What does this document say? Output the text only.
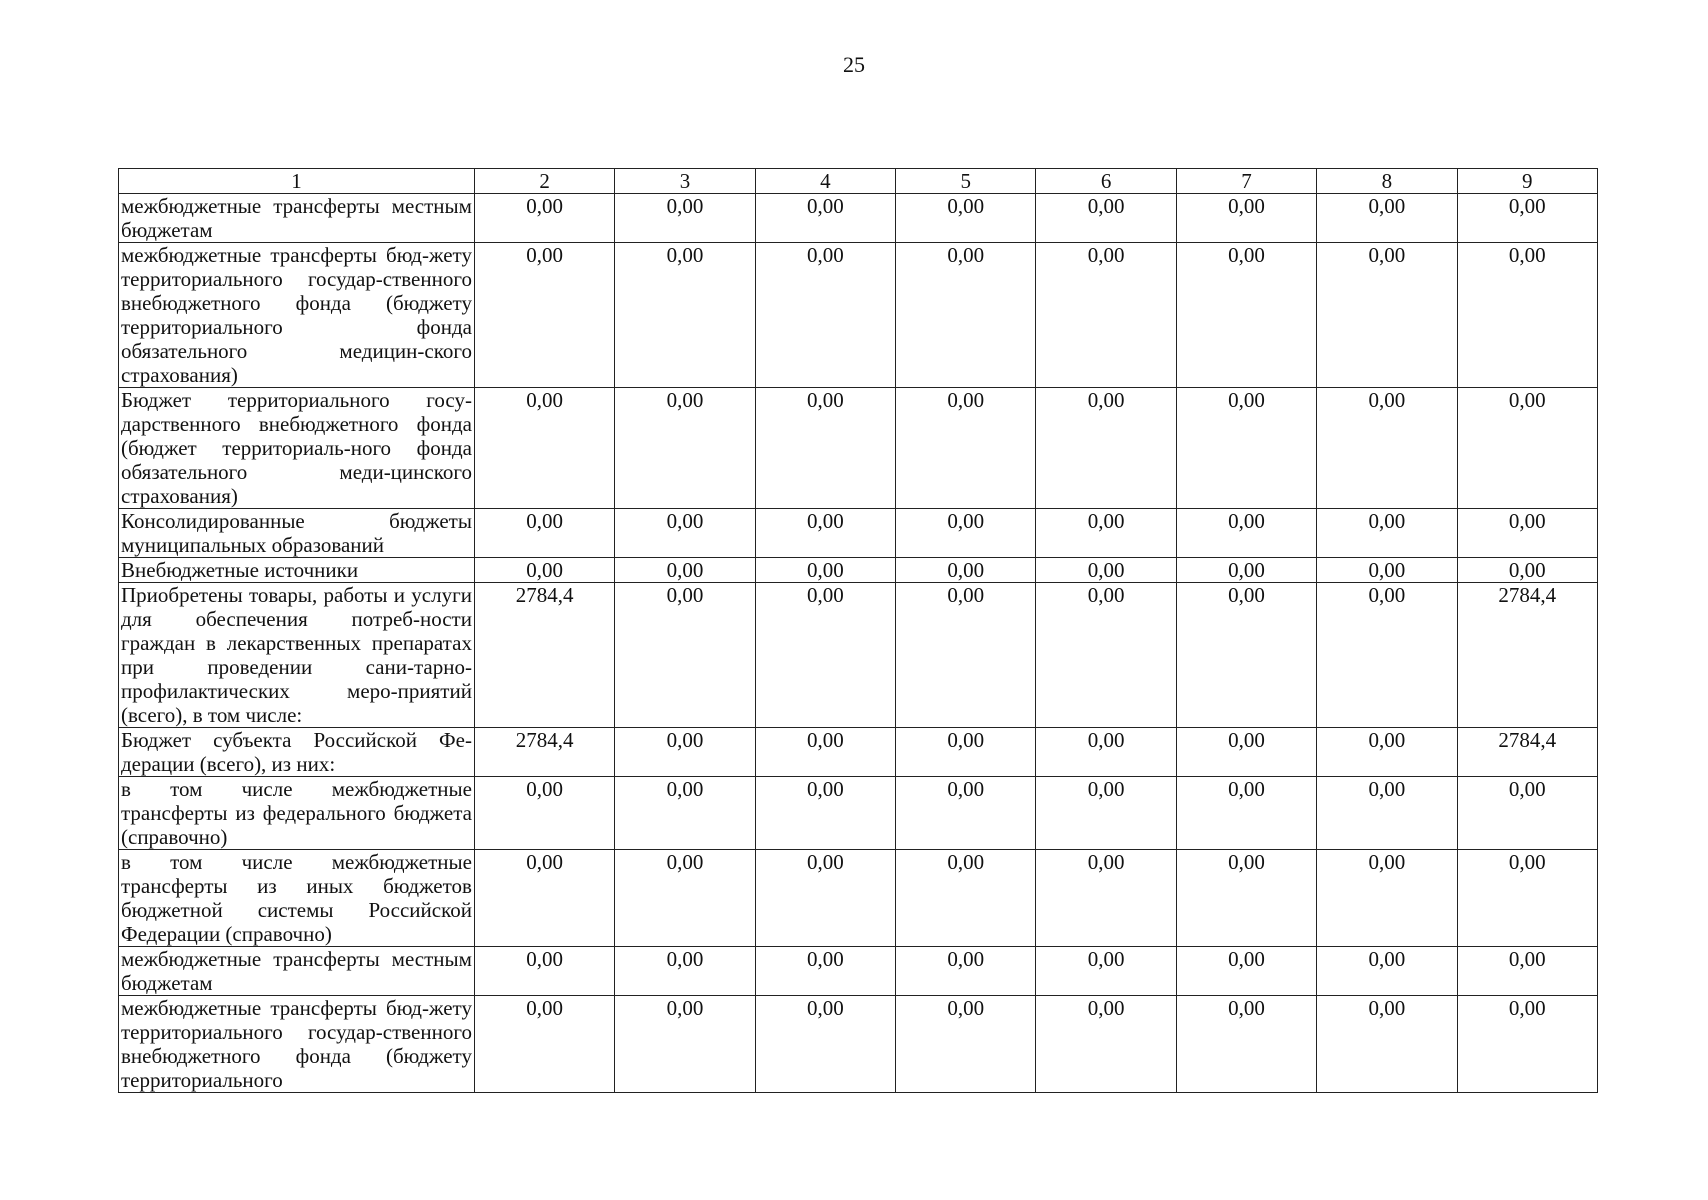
25
1	2	3	4	5	6	7	8	9
межбюджетные трансферты местным бюджетам	0,00	0,00	0,00	0,00	0,00	0,00	0,00	0,00
межбюджетные трансферты бюд-жету территориального государ-ственного внебюджетного фонда (бюджету территориального фонда обязательного медицин-ского страхования)	0,00	0,00	0,00	0,00	0,00	0,00	0,00	0,00
Бюджет территориального госу-дарственного внебюджетного фонда (бюджет территориаль-ного фонда обязательного меди-цинского страхования)	0,00	0,00	0,00	0,00	0,00	0,00	0,00	0,00
Консолидированные бюджеты муниципальных образований	0,00	0,00	0,00	0,00	0,00	0,00	0,00	0,00
Внебюджетные источники	0,00	0,00	0,00	0,00	0,00	0,00	0,00	0,00
Приобретены товары, работы и услуги для обеспечения потреб-ности граждан в лекарственных препаратах при проведении сани-тарно-профилактических меро-приятий (всего), в том числе:	2784,4	0,00	0,00	0,00	0,00	0,00	0,00	2784,4
Бюджет субъекта Российской Фе-дерации (всего), из них:	2784,4	0,00	0,00	0,00	0,00	0,00	0,00	2784,4
в том числе межбюджетные трансферты из федерального бюджета (справочно)	0,00	0,00	0,00	0,00	0,00	0,00	0,00	0,00
в том числе межбюджетные трансферты из иных бюджетов бюджетной системы Российской Федерации (справочно)	0,00	0,00	0,00	0,00	0,00	0,00	0,00	0,00
межбюджетные трансферты местным бюджетам	0,00	0,00	0,00	0,00	0,00	0,00	0,00	0,00
межбюджетные трансферты бюд-жету территориального государ-ственного внебюджетного фонда (бюджету территориального	0,00	0,00	0,00	0,00	0,00	0,00	0,00	0,00
